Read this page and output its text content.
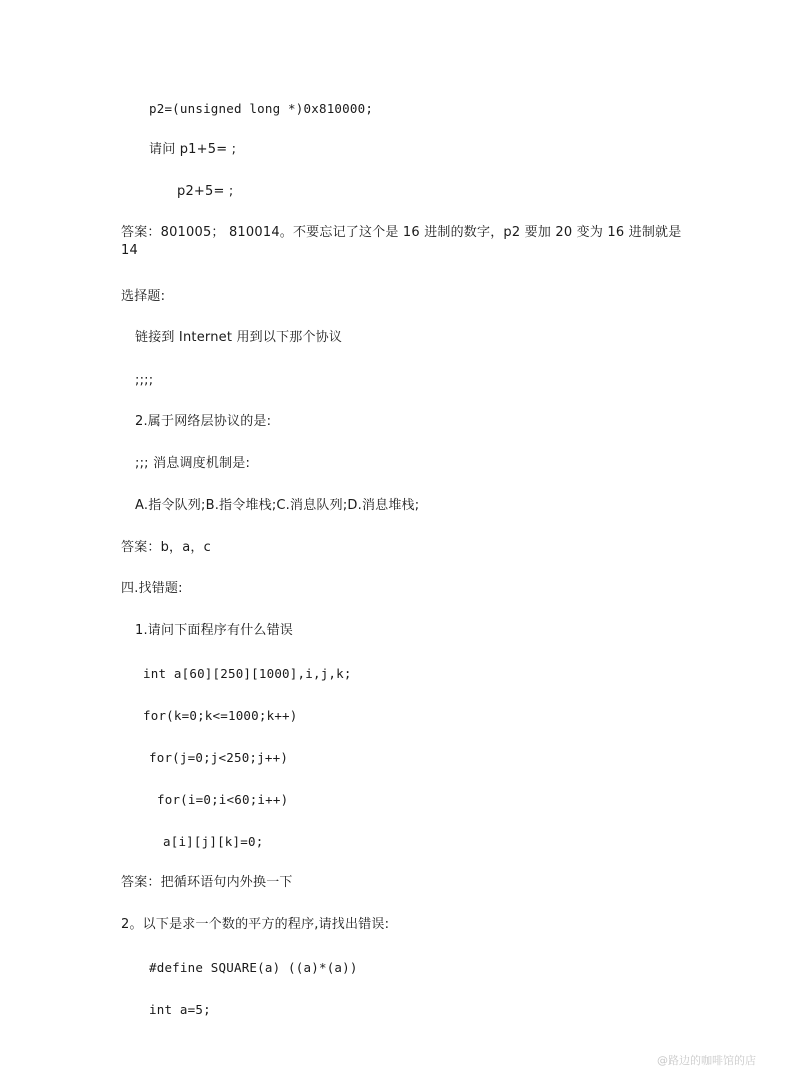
p2=(unsigned long *)0x810000;
请问 p1+5= ;
p2+5= ;
答案：801005； 810014。不要忘记了这个是 16 进制的数字，p2 要加 20 变为 16 进制就是 14
选择题:
链接到 Internet 用到以下那个协议
;;;;
2.属于网络层协议的是:
;;; 消息调度机制是:
A.指令队列;B.指令堆栈;C.消息队列;D.消息堆栈;
答案：b，a，c
四.找错题:
1.请问下面程序有什么错误
int a[60][250][1000],i,j,k;
for(k=0;k<=1000;k++)
for(j=0;j<250;j++)
for(i=0;i<60;i++)
a[i][j][k]=0;
答案：把循环语句内外换一下
2。以下是求一个数的平方的程序,请找出错误:
#define SQUARE(a) ((a)*(a))
int a=5;
@路边的咖啡馆的店
